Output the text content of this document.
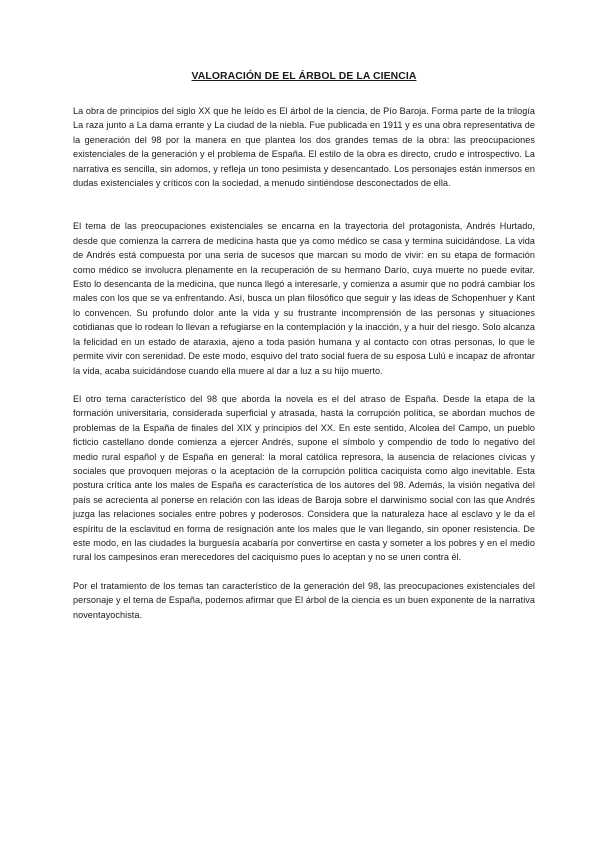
VALORACIÓN DE EL ÁRBOL DE LA CIENCIA

La obra de principios del siglo XX que he leído es El árbol de la ciencia, de Pío Baroja. Forma parte de la trilogía La raza junto a La dama errante y La ciudad de la niebla. Fue publicada en 1911 y es una obra representativa de la generación del 98 por la manera en que plantea los dos grandes temas de la obra: las preocupaciones existenciales de la generación y el problema de España. El estilo de la obra es directo, crudo e introspectivo. La narrativa es sencilla, sin adornos, y refleja un tono pesimista y desencantado. Los personajes están inmersos en dudas existenciales y críticos con la sociedad, a menudo sintiéndose desconectados de ella.

El tema de las preocupaciones existenciales se encarna en la trayectoria del protagonista, Andrés Hurtado, desde que comienza la carrera de medicina hasta que ya como médico se casa y termina suicidándose. La vida de Andrés está compuesta por una seria de sucesos que marcan su modo de vivir: en su etapa de formación como médico se involucra plenamente en la recuperación de su hermano Darío, cuya muerte no puede evitar. Esto lo desencanta de la medicina, que nunca llegó a interesarle, y comienza a asumir que no podrá cambiar los males con los que se va enfrentando. Así, busca un plan filosófico que seguir y las ideas de Schopenhuer y Kant lo convencen. Su profundo dolor ante la vida y su frustrante incomprensión de las personas y situaciones cotidianas que lo rodean lo llevan a refugiarse en la contemplación y la inacción, y a huir del riesgo. Solo alcanza la felicidad en un estado de ataraxia, ajeno a toda pasión humana y al contacto con otras personas, lo que le permite vivir con serenidad. De este modo, esquivo del trato social fuera de su esposa Lulú e incapaz de afrontar la vida, acaba suicidándose cuando ella muere al dar a luz a su hijo muerto.

El otro tema característico del 98 que aborda la novela es el del atraso de España. Desde la etapa de la formación universitaria, considerada superficial y atrasada, hasta la corrupción política, se abordan muchos de problemas de la España de finales del XIX y principios del XX. En este sentido, Alcolea del Campo, un pueblo ficticio castellano donde comienza a ejercer Andrés, supone el símbolo y compendio de todo lo negativo del medio rural español y de España en general: la moral católica represora, la ausencia de relaciones cívicas y sociales que provoquen mejoras o la aceptación de la corrupción política caciquista como algo inevitable. Esta postura crítica ante los males de España es característica de los autores del 98. Además, la visión negativa del país se acrecienta al ponerse en relación con las ideas de Baroja sobre el darwinismo social con las que Andrés juzga las relaciones sociales entre pobres y poderosos. Considera que la naturaleza hace al esclavo y le da el espíritu de la esclavitud en forma de resignación ante los males que le van llegando, sin oponer resistencia. De este modo, en las ciudades la burguesía acabaría por convertirse en casta y someter a los pobres y en el medio rural los campesinos eran merecedores del caciquismo pues lo aceptan y no se unen contra él.

Por el tratamiento de los temas tan característico de la generación del 98, las preocupaciones existenciales del personaje y el tema de España, podemos afirmar que El árbol de la ciencia es un buen exponente de la narrativa noventayochista.
